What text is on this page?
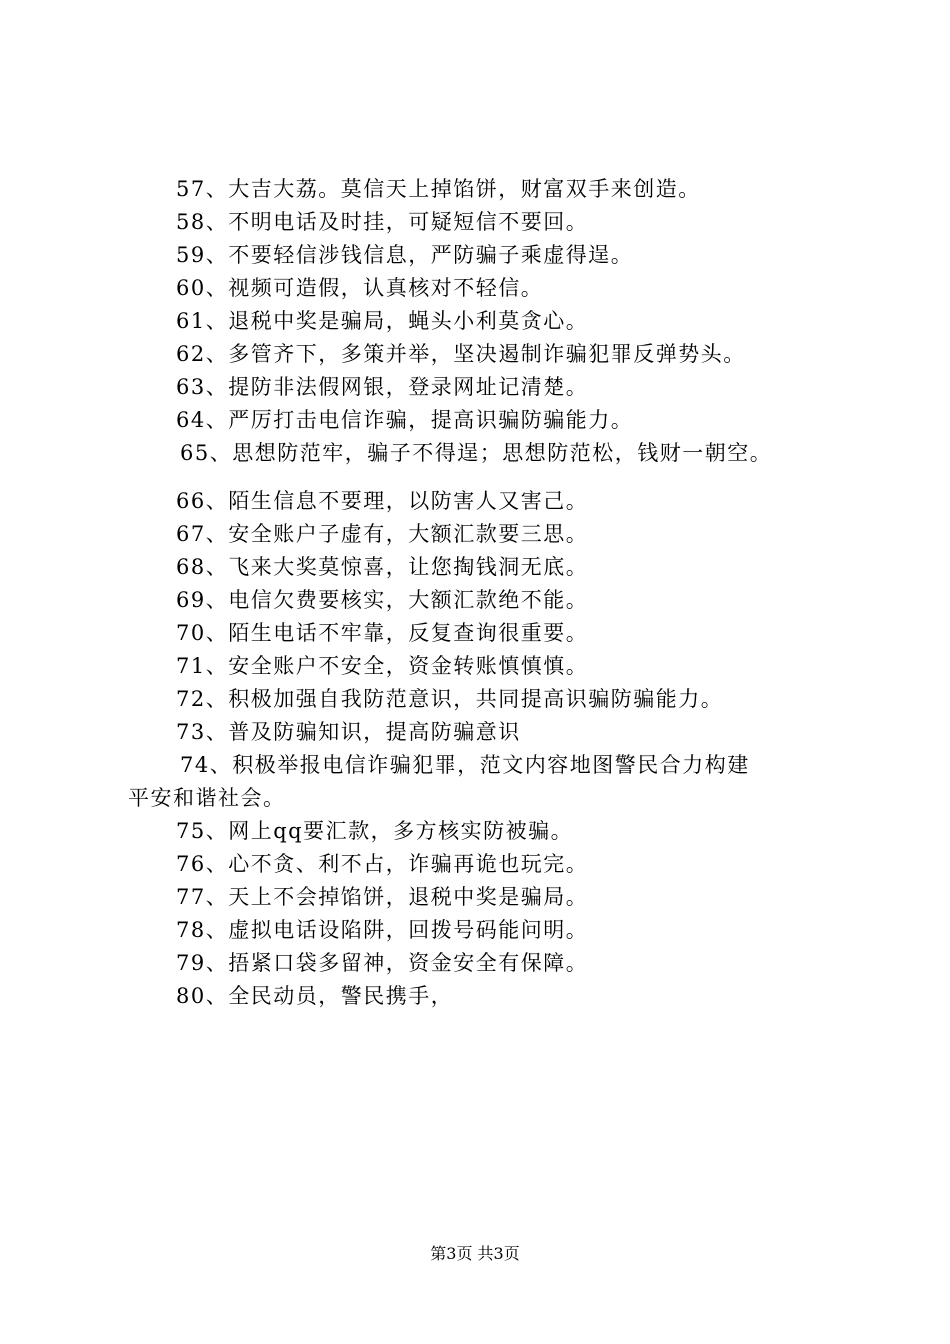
57、大吉大荔。莫信天上掉馅饼，财富双手来创造。
58、不明电话及时挂，可疑短信不要回。
59、不要轻信涉钱信息，严防骗子乘虚得逞。
60、视频可造假，认真核对不轻信。
61、退税中奖是骗局，蝇头小利莫贪心。
62、多管齐下，多策并举，坚决遏制诈骗犯罪反弹势头。
63、提防非法假网银，登录网址记清楚。
64、严厉打击电信诈骗，提高识骗防骗能力。
65、思想防范牢，骗子不得逞；思想防范松，钱财一朝空。
66、陌生信息不要理，以防害人又害己。
67、安全账户子虚有，大额汇款要三思。
68、飞来大奖莫惊喜，让您掏钱洞无底。
69、电信欠费要核实，大额汇款绝不能。
70、陌生电话不牢靠，反复查询很重要。
71、安全账户不安全，资金转账慎慎慎。
72、积极加强自我防范意识，共同提高识骗防骗能力。
73、普及防骗知识，提高防骗意识
74、积极举报电信诈骗犯罪，范文内容地图警民合力构建
平安和谐社会。
75、网上qq要汇款，多方核实防被骗。
76、心不贪、利不占，诈骗再诡也玩完。
77、天上不会掉馅饼，退税中奖是骗局。
78、虚拟电话设陷阱，回拨号码能问明。
79、捂紧口袋多留神，资金安全有保障。
80、全民动员，警民携手，
第3页 共3页
